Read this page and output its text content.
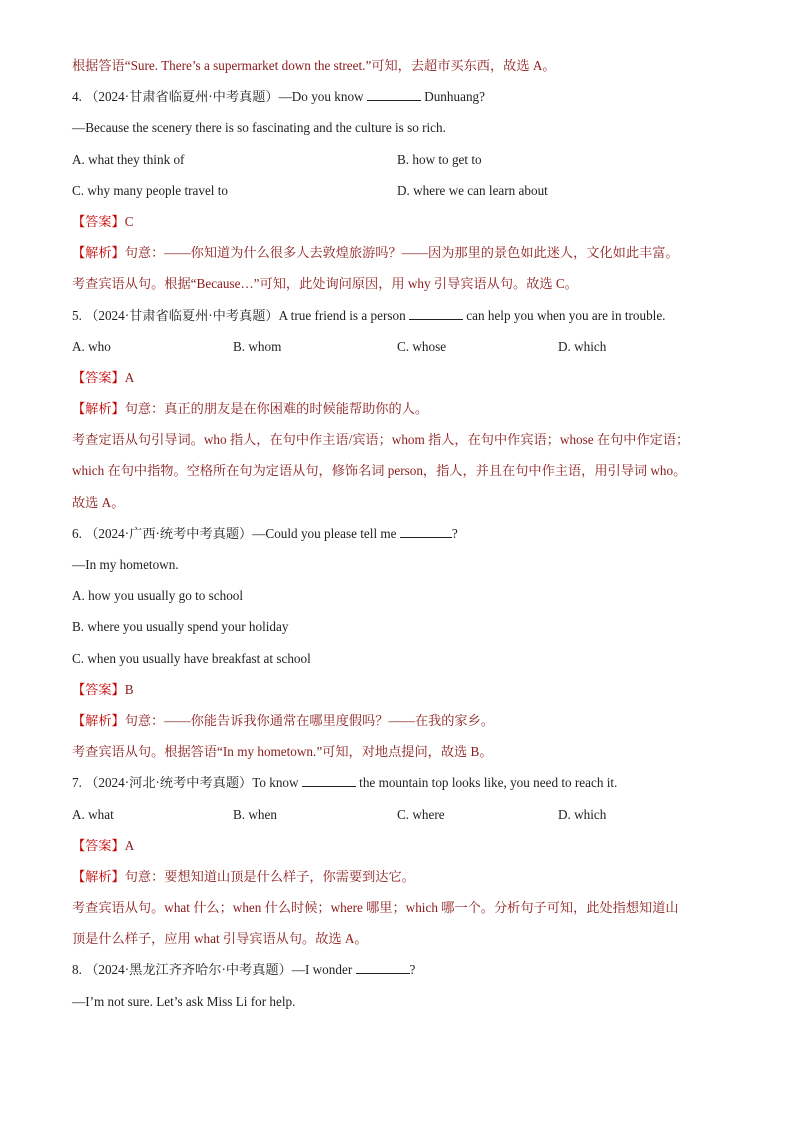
根据答语“Sure. There’s a supermarket down the street.”可知，去超市买东西，故选 A。
4. （2024·甘肃省临夏州·中考真题）—Do you know	Dunhuang?
—Because the scenery there is so fascinating and the culture is so rich.
A. what they think of	B. how to get to
C. why many people travel to	D. where we can learn about
【答案】C
【解析】句意：——你知道为什么很多人去敦煌旅游吗？——因为那里的景色如此迷人，文化如此丰富。
考查宾语从句。根据“Because…”可知，此处询问原因，用 why 引导宾语从句。故选 C。
5. （2024·甘肃省临夏州·中考真题）A true friend is a person	can help you when you are in trouble.
A. who	B. whom	C. whose	D. which
【答案】A
【解析】句意：真正的朋友是在你困难的时候能帮助你的人。
考查定语从句引导词。who 指人，在句中作主语/宾语；whom 指人，在句中作宾语；whose 在句中作定语；
which 在句中指物。空格所在句为定语从句，修饰名词 person，指人，并且在句中作主语，用引导词 who。
故选 A。
6. （2024·广西·统考中考真题）—Could you please tell me	?
—In my hometown.
A. how you usually go to school
B. where you usually spend your holiday
C. when you usually have breakfast at school
【答案】B
【解析】句意：——你能告诉我你通常在哪里度假吗？——在我的家乡。
考查宾语从句。根据答语“In my hometown.”可知，对地点提问，故选 B。
7. （2024·河北·统考中考真题）To know	the mountain top looks like, you need to reach it.
A. what	B. when	C. where	D. which
【答案】A
【解析】句意：要想知道山顶是什么样子，你需要到达它。
考查宾语从句。what 什么；when 什么时候；where 哪里；which 哪一个。分析句子可知，此处指想知道山
顶是什么样子，应用 what 引导宾语从句。故选 A。
8. （2024·黑龙江齐齐哈尔·中考真题）—I wonder	?
—I’m not sure. Let’s ask Miss Li for help.
